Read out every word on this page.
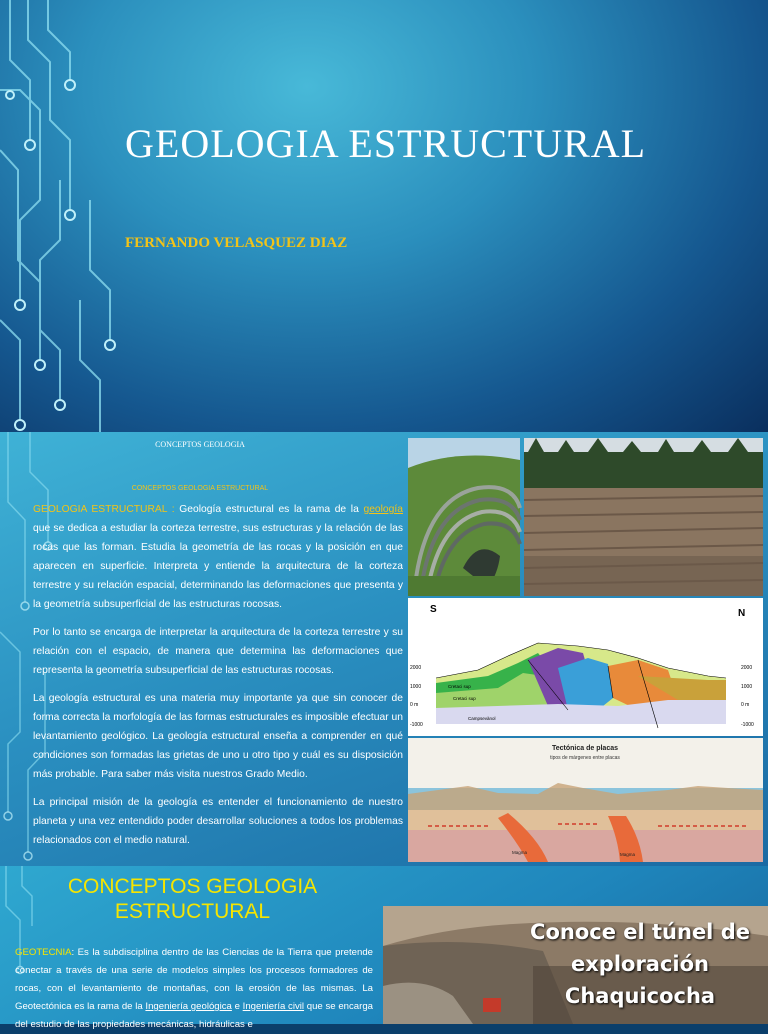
GEOLOGIA ESTRUCTURAL
FERNANDO VELASQUEZ DIAZ
CONCEPTOS GEOLOGIA
CONCEPTOS GEOLOGIA ESTRUCTURAL

GEOLOGIA ESTRUCTURAL : Geología estructural es la rama de la geología que se dedica a estudiar la corteza terrestre, sus estructuras y la relación de las rocas que las forman. Estudia la geometría de las rocas y la posición en que aparecen en superficie. Interpreta y entiende la arquitectura de la corteza terrestre y su relación espacial, determinando las deformaciones que presenta y la geometría subsuperficial de las estructuras rocosas.

Por lo tanto se encarga de interpretar la arquitectura de la corteza terrestre y su relación con el espacio, de manera que determina las deformaciones que representa la geometría subsuperficial de las estructuras rocosas.

La geología estructural es una materia muy importante ya que sin conocer de forma correcta la morfología de las formas estructurales es imposible efectuar un levantamiento geológico. La geología estructural enseña a comprender en qué condiciones son formadas las grietas de uno u otro tipo y cuál es su disposición más probable. Para saber más visita nuestros Grado Medio.

La principal misión de la geología es entender el funcionamiento de nuestro planeta y una vez entendido poder desarrollar soluciones a todos los problemas relacionados con el medio natural.

S	N
2000
1000
0 m
-1000
2000
1000
0 m
-1000
Cretaci sup
Cretaci sup
Campsevànol
Tectónica de placas
tipos de márgenes entre placas
Magma	Magma
CONCEPTOS GEOLOGIA ESTRUCTURAL
GEOTECNIA: Es la subdisciplina dentro de las Ciencias de la Tierra que pretende conectar a través de una serie de modelos simples los procesos formadores de rocas, con el levantamiento de montañas, con la erosión de las mismas. La Geotectónica es la rama de la Ingeniería geológica e Ingeniería civil que se encarga del estudio de las propiedades mecánicas, hidráulicas e
Conoce el túnel de
exploración
Chaquicocha
